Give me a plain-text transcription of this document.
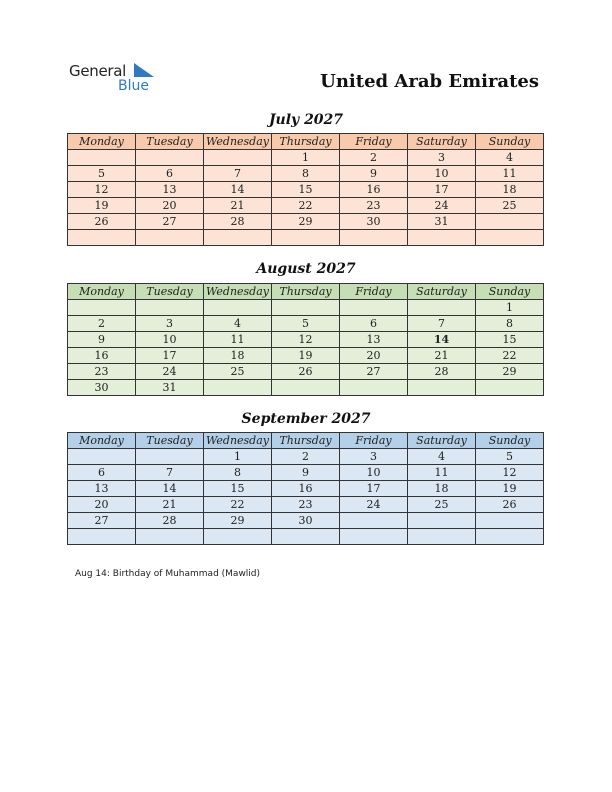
General
Blue	United Arab Emirates
July 2027
Monday	Tuesday	Wednesday	Thursday	Friday	Saturday	Sunday
			1	2	3	4
5	6	7	8	9	10	11
12	13	14	15	16	17	18
19	20	21	22	23	24	25
26	27	28	29	30	31	

August 2027
Monday	Tuesday	Wednesday	Thursday	Friday	Saturday	Sunday
						1
2	3	4	5	6	7	8
9	10	11	12	13	14	15
16	17	18	19	20	21	22
23	24	25	26	27	28	29
30	31					
September 2027
Monday	Tuesday	Wednesday	Thursday	Friday	Saturday	Sunday
		1	2	3	4	5
6	7	8	9	10	11	12
13	14	15	16	17	18	19
20	21	22	23	24	25	26
27	28	29	30			

Aug 14: Birthday of Muhammad (Mawlid)
